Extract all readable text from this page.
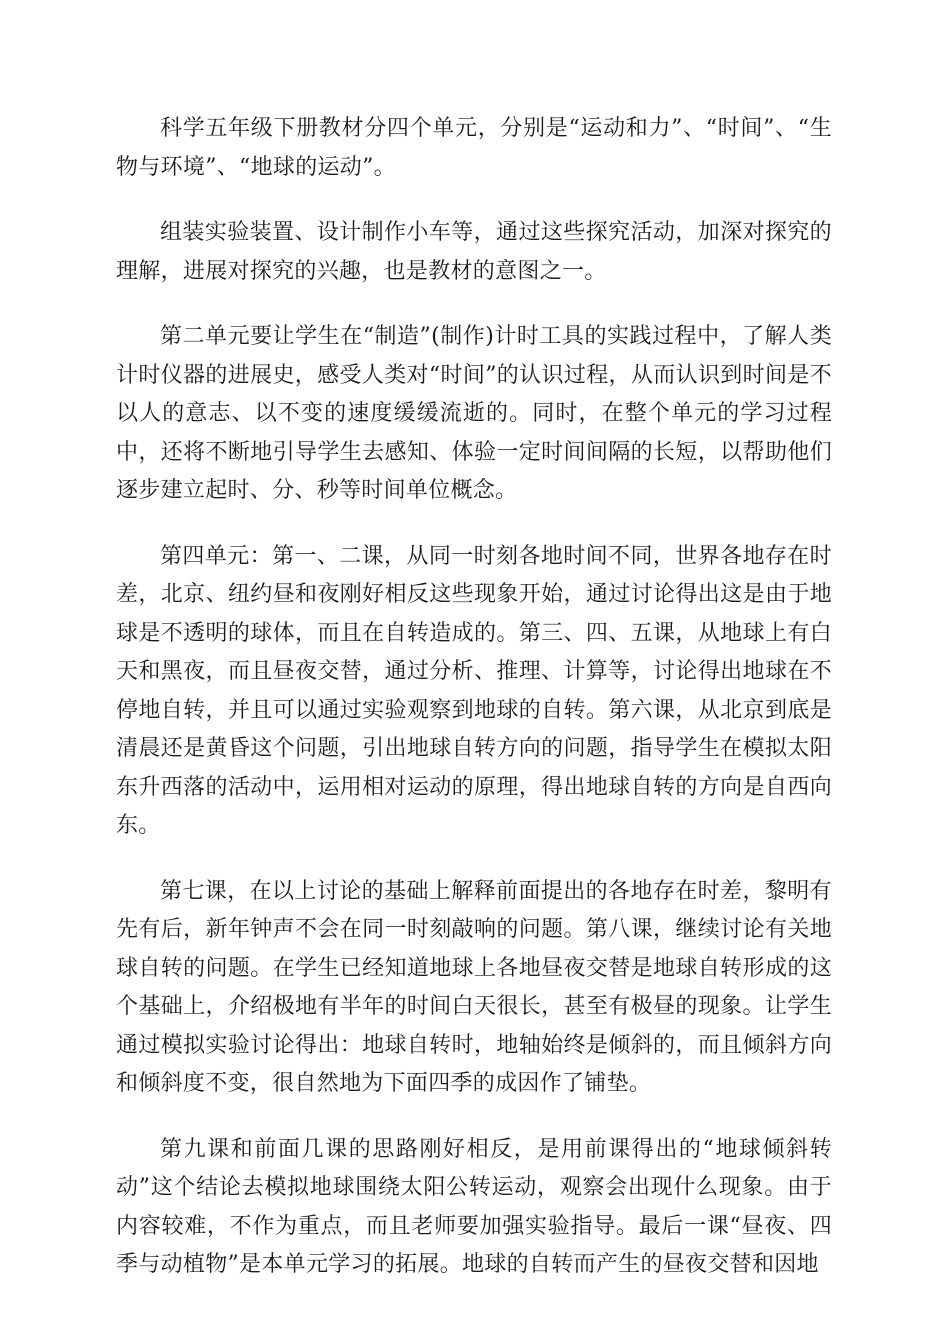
科学五年级下册教材分四个单元，分别是“运动和力”、“时间”、“生物与环境”、“地球的运动”。

组装实验装置、设计制作小车等，通过这些探究活动，加深对探究的理解，进展对探究的兴趣，也是教材的意图之一。

第二单元要让学生在“制造”(制作)计时工具的实践过程中，了解人类计时仪器的进展史，感受人类对“时间”的认识过程，从而认识到时间是不以人的意志、以不变的速度缓缓流逝的。同时，在整个单元的学习过程中，还将不断地引导学生去感知、体验一定时间间隔的长短，以帮助他们逐步建立起时、分、秒等时间单位概念。

第四单元：第一、二课，从同一时刻各地时间不同，世界各地存在时差，北京、纽约昼和夜刚好相反这些现象开始，通过讨论得出这是由于地球是不透明的球体，而且在自转造成的。第三、四、五课，从地球上有白天和黑夜，而且昼夜交替，通过分析、推理、计算等，讨论得出地球在不停地自转，并且可以通过实验观察到地球的自转。第六课，从北京到底是清晨还是黄昏这个问题，引出地球自转方向的问题，指导学生在模拟太阳东升西落的活动中，运用相对运动的原理，得出地球自转的方向是自西向东。

第七课，在以上讨论的基础上解释前面提出的各地存在时差，黎明有先有后，新年钟声不会在同一时刻敲响的问题。第八课，继续讨论有关地球自转的问题。在学生已经知道地球上各地昼夜交替是地球自转形成的这个基础上，介绍极地有半年的时间白天很长，甚至有极昼的现象。让学生通过模拟实验讨论得出：地球自转时，地轴始终是倾斜的，而且倾斜方向和倾斜度不变，很自然地为下面四季的成因作了铺垫。

第九课和前面几课的思路刚好相反，是用前课得出的“地球倾斜转动”这个结论去模拟地球围绕太阳公转运动，观察会出现什么现象。由于内容较难，不作为重点，而且老师要加强实验指导。最后一课“昼夜、四季与动植物”是本单元学习的拓展。地球的自转而产生的昼夜交替和因地
